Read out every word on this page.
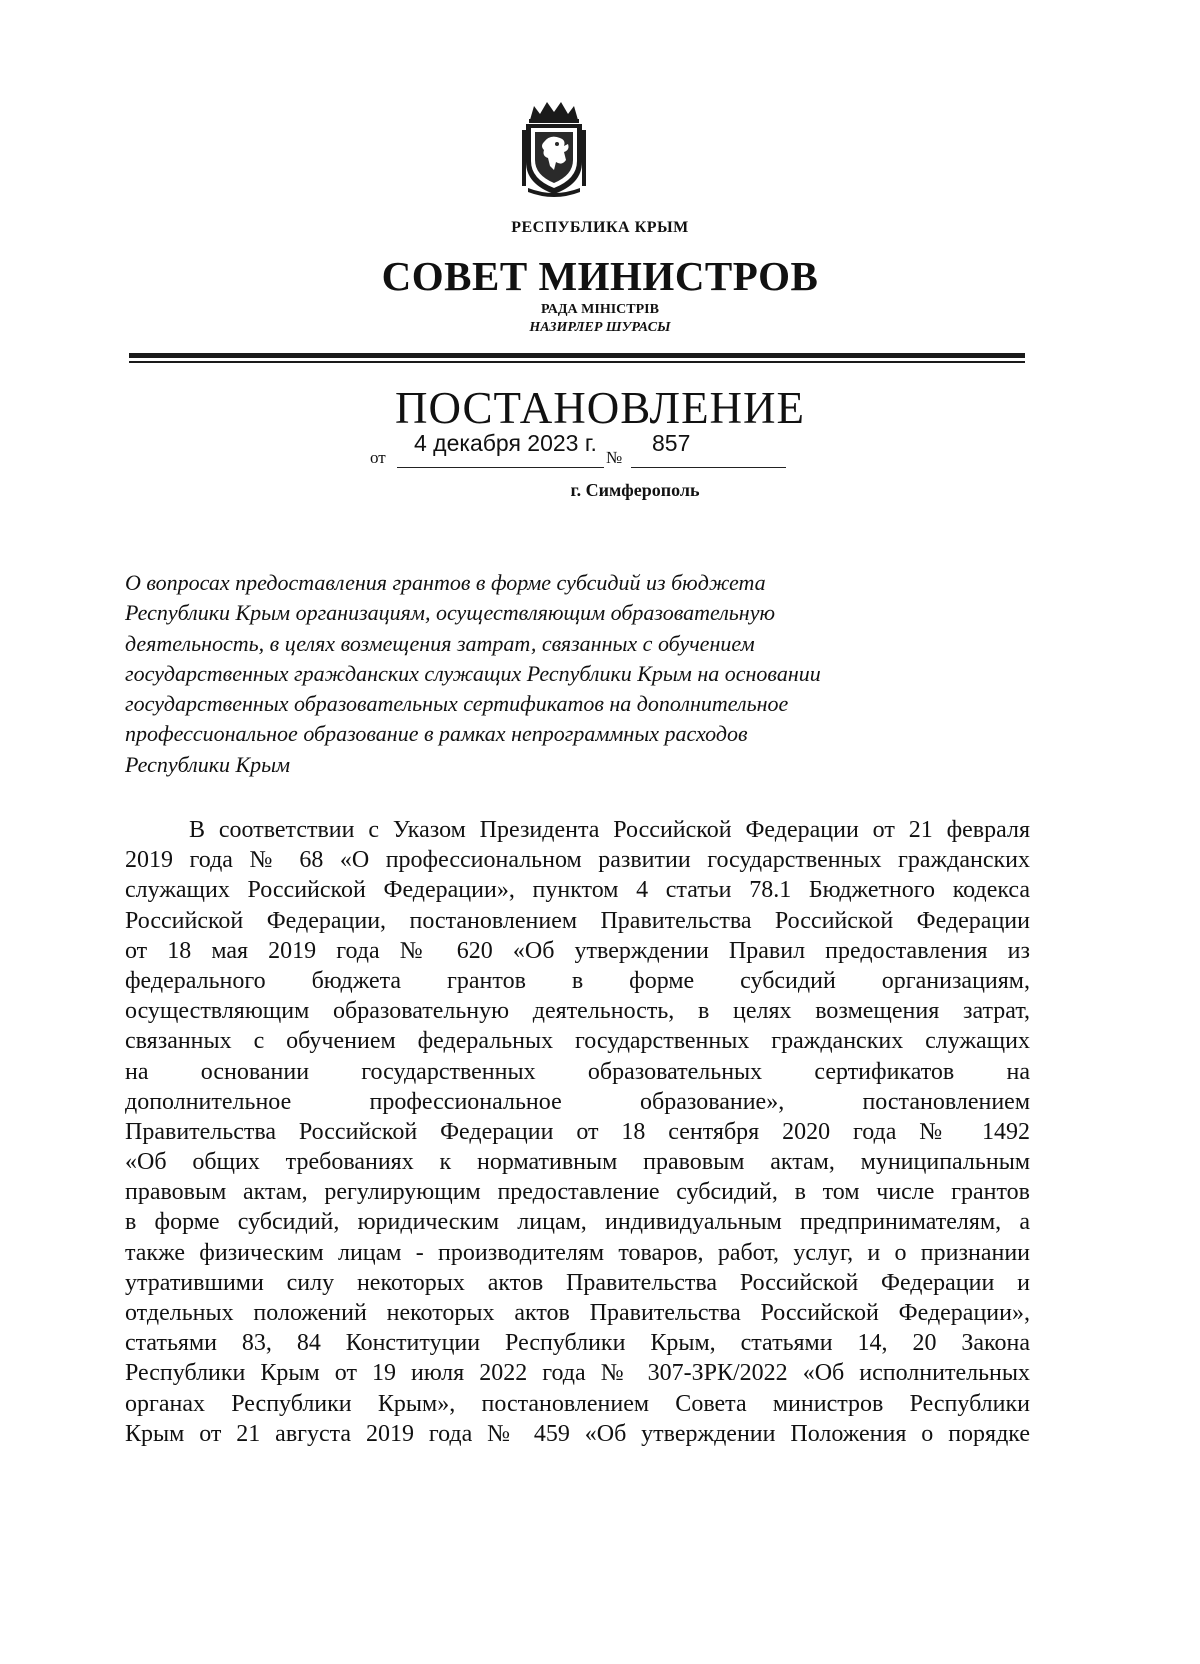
РЕСПУБЛИКА КРЫМ
СОВЕТ МИНИСТРОВ
РАДА МІНІСТРІВ
НАЗИРЛЕР ШУРАСЫ
ПОСТАНОВЛЕНИЕ
от
4 декабря 2023 г.
№
857
г. Симферополь
О вопросах предоставления грантов в форме субсидий из бюджета
Республики Крым организациям, осуществляющим образовательную
деятельность, в целях возмещения затрат, связанных с обучением
государственных гражданских служащих Республики Крым на основании
государственных образовательных сертификатов на дополнительное
профессиональное образование в рамках непрограммных расходов
Республики Крым
В соответствии с Указом Президента Российской Федерации от 21 февраля
2019 года № 68 «О профессиональном развитии государственных гражданских
служащих Российской Федерации», пунктом 4 статьи 78.1 Бюджетного кодекса
Российской Федерации, постановлением Правительства Российской Федерации
от 18 мая 2019 года № 620 «Об утверждении Правил предоставления из
федерального бюджета грантов в форме субсидий организациям,
осуществляющим образовательную деятельность, в целях возмещения затрат,
связанных с обучением федеральных государственных гражданских служащих
на основании государственных образовательных сертификатов на
дополнительное профессиональное образование», постановлением
Правительства Российской Федерации от 18 сентября 2020 года № 1492
«Об общих требованиях к нормативным правовым актам, муниципальным
правовым актам, регулирующим предоставление субсидий, в том числе грантов
в форме субсидий, юридическим лицам, индивидуальным предпринимателям, а
также физическим лицам - производителям товаров, работ, услуг, и о признании
утратившими силу некоторых актов Правительства Российской Федерации и
отдельных положений некоторых актов Правительства Российской Федерации»,
статьями 83, 84 Конституции Республики Крым, статьями 14, 20 Закона
Республики Крым от 19 июля 2022 года № 307-ЗРК/2022 «Об исполнительных
органах Республики Крым», постановлением Совета министров Республики
Крым от 21 августа 2019 года № 459 «Об утверждении Положения о порядке
